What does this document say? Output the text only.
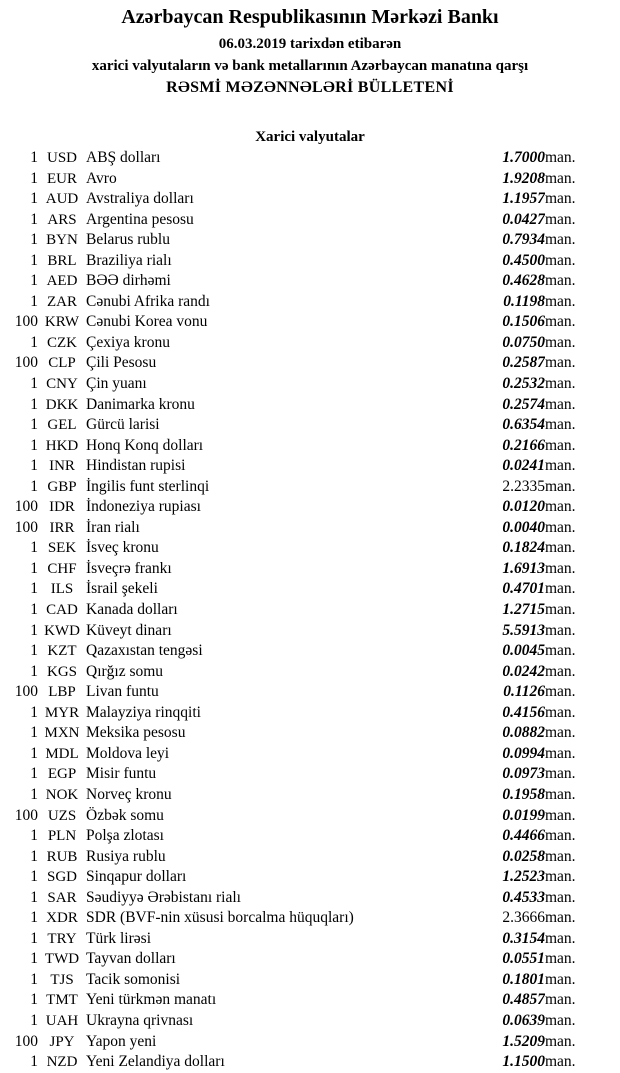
Azərbaycan Respublikasının Mərkəzi Bankı
06.03.2019 tarixdən etibarən
xarici valyutaların və bank metallarının Azərbaycan manatına qarşı
RƏSMİ MƏZƏNNƏLƏRİ BÜLLETENİ
Xarici valyutalar
1	USD	ABŞ dolları	1.7000	man.
1	EUR	Avro	1.9208	man.
1	AUD	Avstraliya dolları	1.1957	man.
1	ARS	Argentina pesosu	0.0427	man.
1	BYN	Belarus rublu	0.7934	man.
1	BRL	Braziliya rialı	0.4500	man.
1	AED	BƏƏ dirhəmi	0.4628	man.
1	ZAR	Cənubi Afrika randı	0.1198	man.
100	KRW	Cənubi Korea vonu	0.1506	man.
1	CZK	Çexiya kronu	0.0750	man.
100	CLP	Çili Pesosu	0.2587	man.
1	CNY	Çin yuanı	0.2532	man.
1	DKK	Danimarka kronu	0.2574	man.
1	GEL	Gürcü larisi	0.6354	man.
1	HKD	Honq Konq dolları	0.2166	man.
1	INR	Hindistan rupisi	0.0241	man.
1	GBP	İngilis funt sterlinqi	2.2335	man.
100	IDR	İndoneziya rupiası	0.0120	man.
100	IRR	İran rialı	0.0040	man.
1	SEK	İsveç kronu	0.1824	man.
1	CHF	İsveçrə frankı	1.6913	man.
1	ILS	İsrail şekeli	0.4701	man.
1	CAD	Kanada dolları	1.2715	man.
1	KWD	Küveyt dinarı	5.5913	man.
1	KZT	Qazaxıstan tengəsi	0.0045	man.
1	KGS	Qırğız somu	0.0242	man.
100	LBP	Livan funtu	0.1126	man.
1	MYR	Malayziya rinqqiti	0.4156	man.
1	MXN	Meksika pesosu	0.0882	man.
1	MDL	Moldova leyi	0.0994	man.
1	EGP	Misir funtu	0.0973	man.
1	NOK	Norveç kronu	0.1958	man.
100	UZS	Özbək somu	0.0199	man.
1	PLN	Polşa zlotası	0.4466	man.
1	RUB	Rusiya rublu	0.0258	man.
1	SGD	Sinqapur dolları	1.2523	man.
1	SAR	Səudiyyə Ərəbistanı rialı	0.4533	man.
1	XDR	SDR (BVF-nin xüsusi borcalma hüquqları)	2.3666	man.
1	TRY	Türk lirəsi	0.3154	man.
1	TWD	Tayvan dolları	0.0551	man.
1	TJS	Tacik somonisi	0.1801	man.
1	TMT	Yeni türkmən manatı	0.4857	man.
1	UAH	Ukrayna qrivnası	0.0639	man.
100	JPY	Yapon yeni	1.5209	man.
1	NZD	Yeni Zelandiya dolları	1.1500	man.
